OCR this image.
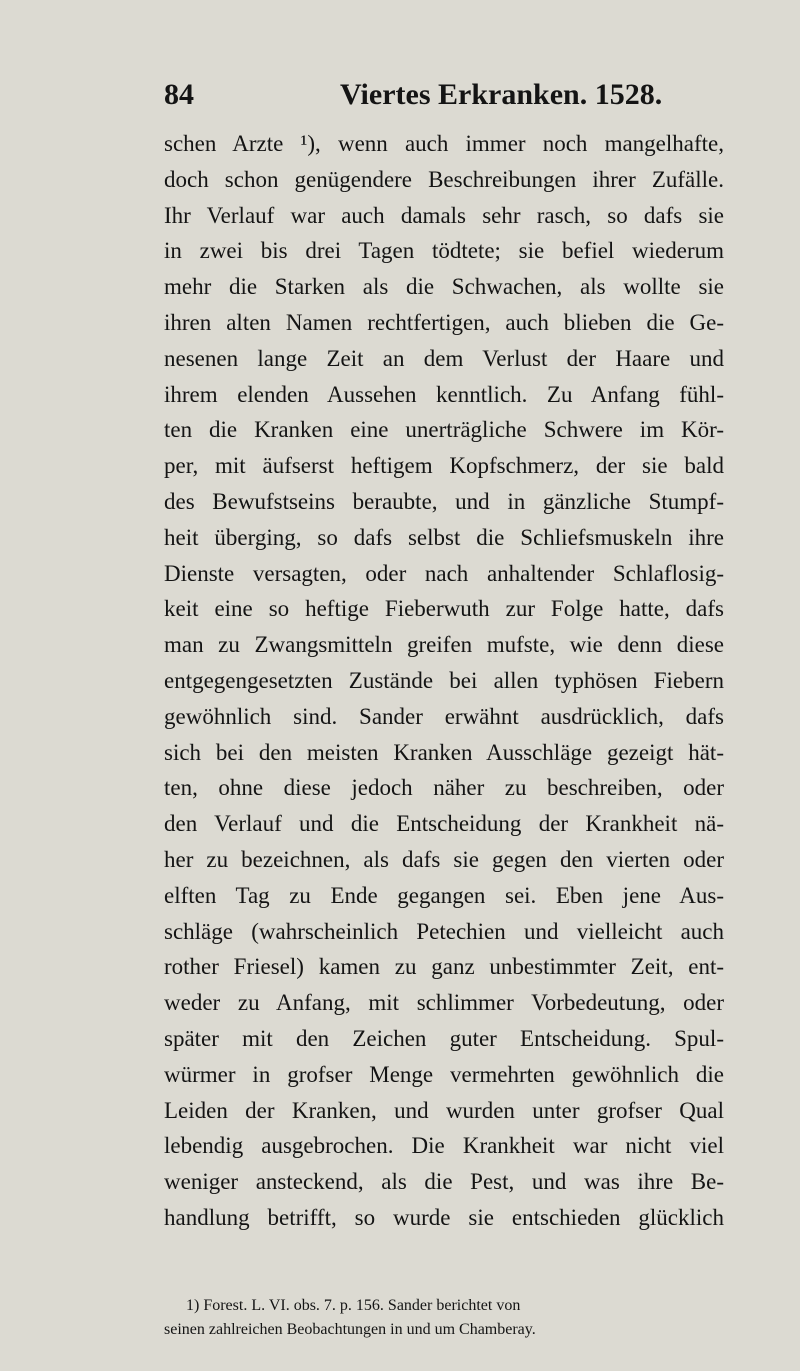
84	Viertes Erkranken. 1528.
schen Arzte ¹), wenn auch immer noch mangelhafte,
doch schon genügendere Beschreibungen ihrer Zufälle.
Ihr Verlauf war auch damals sehr rasch, so dafs sie
in zwei bis drei Tagen tödtete; sie befiel wiederum
mehr die Starken als die Schwachen, als wollte sie
ihren alten Namen rechtfertigen, auch blieben die Ge-
nesenen lange Zeit an dem Verlust der Haare und
ihrem elenden Aussehen kenntlich. Zu Anfang fühl-
ten die Kranken eine unerträgliche Schwere im Kör-
per, mit äufserst heftigem Kopfschmerz, der sie bald
des Bewufstseins beraubte, und in gänzliche Stumpf-
heit überging, so dafs selbst die Schliefsmuskeln ihre
Dienste versagten, oder nach anhaltender Schlaflosig-
keit eine so heftige Fieberwuth zur Folge hatte, dafs
man zu Zwangsmitteln greifen mufste, wie denn diese
entgegengesetzten Zustände bei allen typhösen Fiebern
gewöhnlich sind. Sander erwähnt ausdrücklich, dafs
sich bei den meisten Kranken Ausschläge gezeigt hät-
ten, ohne diese jedoch näher zu beschreiben, oder
den Verlauf und die Entscheidung der Krankheit nä-
her zu bezeichnen, als dafs sie gegen den vierten oder
elften Tag zu Ende gegangen sei. Eben jene Aus-
schläge (wahrscheinlich Petechien und vielleicht auch
rother Friesel) kamen zu ganz unbestimmter Zeit, ent-
weder zu Anfang, mit schlimmer Vorbedeutung, oder
später mit den Zeichen guter Entscheidung. Spul-
würmer in grofser Menge vermehrten gewöhnlich die
Leiden der Kranken, und wurden unter grofser Qual
lebendig ausgebrochen. Die Krankheit war nicht viel
weniger ansteckend, als die Pest, und was ihre Be-
handlung betrifft, so wurde sie entschieden glücklich
1) Forest. L. VI. obs. 7. p. 156. Sander berichtet von
seinen zahlreichen Beobachtungen in und um Chamberay.
